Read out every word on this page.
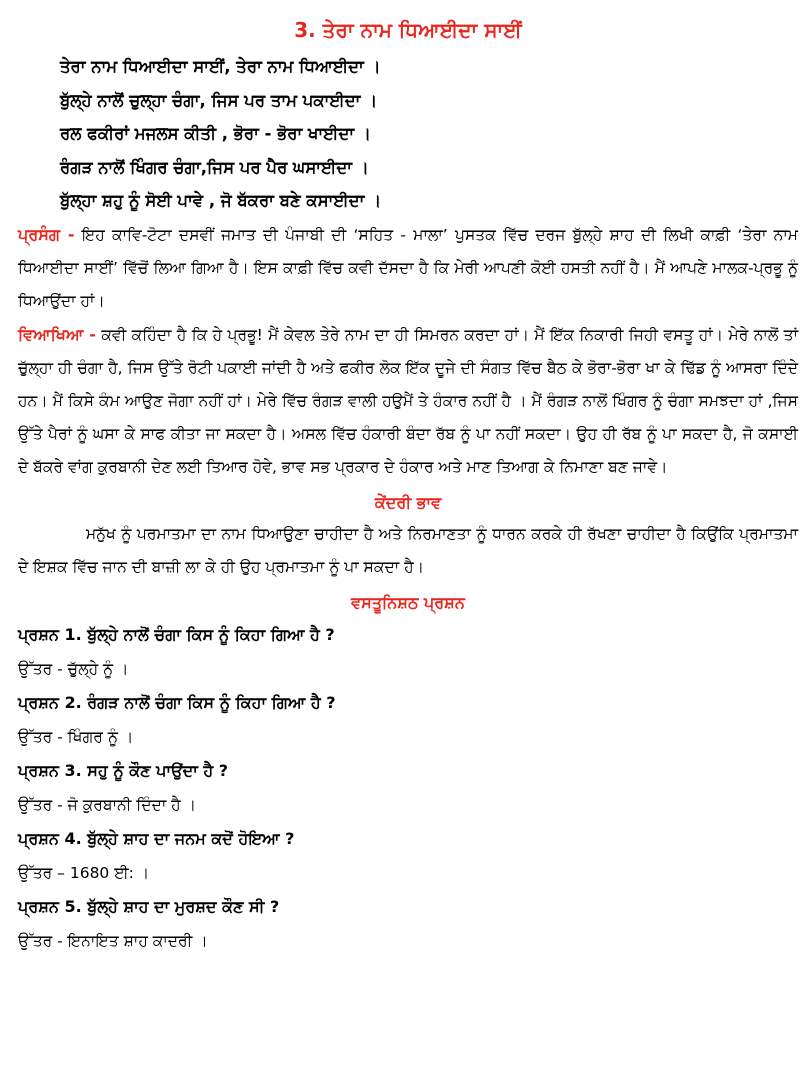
3. ਤੇਰਾ ਨਾਮ ਧਿਆਈਦਾ ਸਾਈਂ
ਤੇਰਾ ਨਾਮ ਧਿਆਈਦਾ ਸਾਈਂ, ਤੇਰਾ ਨਾਮ ਧਿਆਈਦਾ ।
ਬੁੱਲ੍ਹੇ ਨਾਲੋਂ ਚੁਲ੍ਹਾ ਚੰਗਾ, ਜਿਸ ਪਰ ਤਾਮ ਪਕਾਈਦਾ ।
ਰਲ ਫਕੀਰਾਂ ਮਜਲਸ ਕੀਤੀ , ਭੋਰਾ - ਭੋਰਾ ਖਾਈਦਾ ।
ਰੰਗੜ ਨਾਲੋਂ ਖਿੰਗਰ ਚੰਗਾ,ਜਿਸ ਪਰ ਪੈਰ ਘਸਾਈਦਾ ।
ਬੁੱਲ੍ਹਾ ਸ਼ਹੁ ਨੂੰ ਸੋਈ ਪਾਵੇ , ਜੋ ਬੱਕਰਾ ਬਣੇ ਕਸਾਈਦਾ ।

ਪ੍ਰਸੰਗ - ਇਹ ਕਾਵਿ-ਟੋਟਾ ਦਸਵੀਂ ਜਮਾਤ ਦੀ ਪੰਜਾਬੀ ਦੀ ‘ਸਹਿਤ - ਮਾਲਾ’ ਪੁਸਤਕ ਵਿੱਚ ਦਰਜ ਬੁੱਲ੍ਹੇ ਸ਼ਾਹ ਦੀ ਲਿਖੀ ਕਾਫ਼ੀ ‘ਤੇਰਾ ਨਾਮ ਧਿਆਈਦਾ ਸਾਈਂ’ ਵਿੱਚੋਂ ਲਿਆ ਗਿਆ ਹੈ। ਇਸ ਕਾਫ਼ੀ ਵਿੱਚ ਕਵੀ ਦੱਸਦਾ ਹੈ ਕਿ ਮੇਰੀ ਆਪਣੀ ਕੋਈ ਹਸਤੀ ਨਹੀਂ ਹੈ। ਮੈਂ ਆਪਣੇ ਮਾਲਕ-ਪ੍ਰਭੂ ਨੂੰ ਧਿਆਉਂਦਾ ਹਾਂ।

ਵਿਆਖਿਆ - ਕਵੀ ਕਹਿੰਦਾ ਹੈ ਕਿ ਹੇ ਪ੍ਰਭੂ! ਮੈਂ ਕੇਵਲ ਤੇਰੇ ਨਾਮ ਦਾ ਹੀ ਸਿਮਰਨ ਕਰਦਾ ਹਾਂ। ਮੈਂ ਇੱਕ ਨਿਕਾਰੀ ਜਿਹੀ ਵਸਤੂ ਹਾਂ। ਮੇਰੇ ਨਾਲੋਂ ਤਾਂ ਚੁੱਲ੍ਹਾ ਹੀ ਚੰਗਾ ਹੈ, ਜਿਸ ਉੱਤੇ ਰੋਟੀ ਪਕਾਈ ਜਾਂਦੀ ਹੈ ਅਤੇ ਫਕੀਰ ਲੋਕ ਇੱਕ ਦੂਜੇ ਦੀ ਸੰਗਤ ਵਿੱਚ ਬੈਠ ਕੇ ਭੋਰਾ-ਭੋਰਾ ਖਾ ਕੇ ਢਿੱਡ ਨੂੰ ਆਸਰਾ ਦਿੰਦੇ ਹਨ। ਮੈਂ ਕਿਸੇ ਕੰਮ ਆਉਣ ਜੋਗਾ ਨਹੀਂ ਹਾਂ। ਮੇਰੇ ਵਿੱਚ ਰੰਗੜ ਵਾਲੀ ਹਉਮੈਂ ਤੇ ਹੰਕਾਰ ਨਹੀਂ ਹੈ । ਮੈਂ ਰੰਗੜ ਨਾਲੋਂ ਖਿੰਗਰ ਨੂੰ ਚੰਗਾ ਸਮਝਦਾ ਹਾਂ ,ਜਿਸ ਉੱਤੇ ਪੈਰਾਂ ਨੂੰ ਘਸਾ ਕੇ ਸਾਫ ਕੀਤਾ ਜਾ ਸਕਦਾ ਹੈ। ਅਸਲ ਵਿੱਚ ਹੰਕਾਰੀ ਬੰਦਾ ਰੱਬ ਨੂੰ ਪਾ ਨਹੀਂ ਸਕਦਾ। ਉਹ ਹੀ ਰੱਬ ਨੂੰ ਪਾ ਸਕਦਾ ਹੈ, ਜੋ ਕਸਾਈ ਦੇ ਬੱਕਰੇ ਵਾਂਗ ਕੁਰਬਾਨੀ ਦੇਣ ਲਈ ਤਿਆਰ ਹੋਵੇ, ਭਾਵ ਸਭ ਪ੍ਰਕਾਰ ਦੇ ਹੰਕਾਰ ਅਤੇ ਮਾਣ ਤਿਆਗ ਕੇ ਨਿਮਾਣਾ ਬਣ ਜਾਵੇ।

ਕੇਂਦਰੀ ਭਾਵ

ਮਨੁੱਖ ਨੂੰ ਪਰਮਾਤਮਾ ਦਾ ਨਾਮ ਧਿਆਉਣਾ ਚਾਹੀਦਾ ਹੈ ਅਤੇ ਨਿਰਮਾਣਤਾ ਨੂੰ ਧਾਰਨ ਕਰਕੇ ਹੀ ਰੱਖਣਾ ਚਾਹੀਦਾ ਹੈ ਕਿਉਂਕਿ ਪ੍ਰਮਾਤਮਾ ਦੇ ਇਸ਼ਕ ਵਿੱਚ ਜਾਨ ਦੀ ਬਾਜ਼ੀ ਲਾ ਕੇ ਹੀ ਉਹ ਪ੍ਰਮਾਤਮਾ ਨੂੰ ਪਾ ਸਕਦਾ ਹੈ।

ਵਸਤੂਨਿਸ਼ਠ ਪ੍ਰਸ਼ਨ
ਪ੍ਰਸ਼ਨ 1. ਬੁੱਲ੍ਹੇ ਨਾਲੋਂ ਚੰਗਾ ਕਿਸ ਨੂੰ ਕਿਹਾ ਗਿਆ ਹੈ ?
ਉੱਤਰ - ਚੁੱਲ੍ਹੇ ਨੂੰ ।
ਪ੍ਰਸ਼ਨ 2. ਰੰਗੜ ਨਾਲੋਂ ਚੰਗਾ ਕਿਸ ਨੂੰ ਕਿਹਾ ਗਿਆ ਹੈ ?
ਉੱਤਰ - ਖਿੰਗਰ ਨੂੰ ।
ਪ੍ਰਸ਼ਨ 3. ਸਹੁ ਨੂੰ ਕੌਣ ਪਾਉਂਦਾ ਹੈ ?
ਉੱਤਰ - ਜੋ ਕੁਰਬਾਨੀ ਦਿੰਦਾ ਹੈ ।
ਪ੍ਰਸ਼ਨ 4. ਬੁੱਲ੍ਹੇ ਸ਼ਾਹ ਦਾ ਜਨਮ ਕਦੋਂ ਹੋਇਆ ?
ਉੱਤਰ – 1680 ਈ: ।
ਪ੍ਰਸ਼ਨ 5. ਬੁੱਲ੍ਹੇ ਸ਼ਾਹ ਦਾ ਮੁਰਸ਼ਦ ਕੌਣ ਸੀ ?
ਉੱਤਰ - ਇਨਾਇਤ ਸ਼ਾਹ ਕਾਦਰੀ ।
